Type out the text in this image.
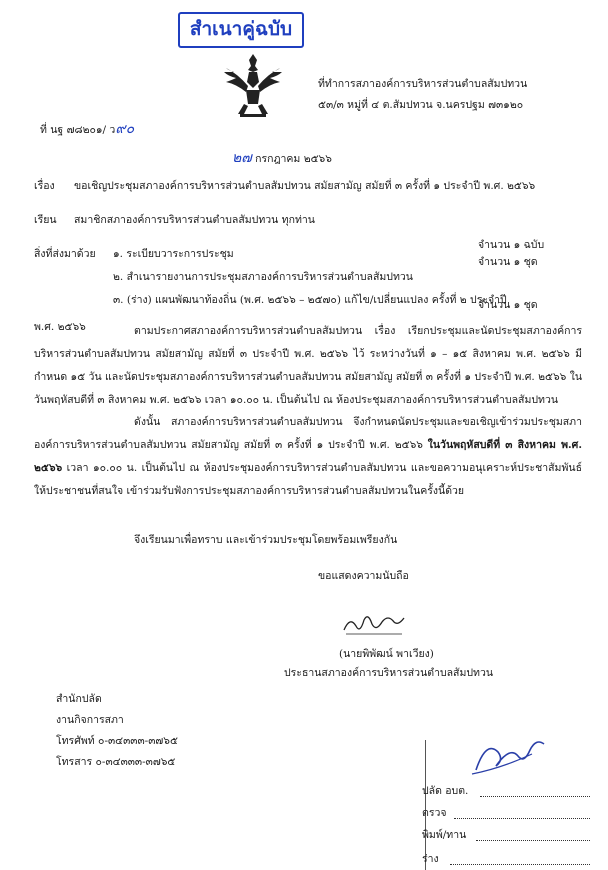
สำเนาคู่ฉบับ
ที่ นฐ ๗๘๒๐๑/ ว๙๐
ที่ทำการสภาองค์การบริหารส่วนตำบลสัมปทวน
๕๓/๓ หมู่ที่ ๔ ต.สัมปทวน จ.นครปฐม ๗๓๑๒๐
๒๗ กรกฎาคม ๒๕๖๖
เรื่อง ขอเชิญประชุมสภาองค์การบริหารส่วนตำบลสัมปทวน สมัยสามัญ สมัยที่ ๓ ครั้งที่ ๑ ประจำปี พ.ศ. ๒๕๖๖
เรียน สมาชิกสภาองค์การบริหารส่วนตำบลสัมปทวน ทุกท่าน
สิ่งที่ส่งมาด้วย
จำนวน ๑ ฉบับ
๑. ระเบียบวาระการประชุม
จำนวน ๑ ชุด
๒. สำเนารายงานการประชุมสภาองค์การบริหารส่วนตำบลสัมปทวน
๓. (ร่าง) แผนพัฒนาท้องถิ่น (พ.ศ. ๒๕๖๖ – ๒๕๗๐) แก้ไข/เปลี่ยนแปลง ครั้งที่ ๒ ประจำปี
พ.ศ. ๒๕๖๖
จำนวน ๑ ชุด
ตามประกาศสภาองค์การบริหารส่วนตำบลสัมปทวน เรื่อง เรียกประชุมและนัดประชุมสภาองค์การบริหารส่วนตำบลสัมปทวน สมัยสามัญ สมัยที่ ๓ ประจำปี พ.ศ. ๒๕๖๖ ไว้ ระหว่างวันที่ ๑ – ๑๕ สิงหาคม พ.ศ. ๒๕๖๖ มีกำหนด ๑๕ วัน และนัดประชุมสภาองค์การบริหารส่วนตำบลสัมปทวน สมัยสามัญ สมัยที่ ๓ ครั้งที่ ๑ ประจำปี พ.ศ. ๒๕๖๖ ในวันพฤหัสบดีที่ ๓ สิงหาคม พ.ศ. ๒๕๖๖ เวลา ๑๐.๐๐ น. เป็นต้นไป ณ ห้องประชุมสภาองค์การบริหารส่วนตำบลสัมปทวน
ดังนั้น สภาองค์การบริหารส่วนตำบลสัมปทวน จึงกำหนดนัดประชุมและขอเชิญเข้าร่วมประชุมสภาองค์การบริหารส่วนตำบลสัมปทวน สมัยสามัญ สมัยที่ ๓ ครั้งที่ ๑ ประจำปี พ.ศ. ๒๕๖๖ ในวันพฤหัสบดีที่ ๓ สิงหาคม พ.ศ. ๒๕๖๖ เวลา ๑๐.๐๐ น. เป็นต้นไป ณ ห้องประชุมองค์การบริหารส่วนตำบลสัมปทวน และขอความอนุเคราะห์ประชาสัมพันธ์ให้ประชาชนที่สนใจ เข้าร่วมรับฟังการประชุมสภาองค์การบริหารส่วนตำบลสัมปทวนในครั้งนี้ด้วย
จึงเรียนมาเพื่อทราบ และเข้าร่วมประชุมโดยพร้อมเพรียงกัน
ขอแสดงความนับถือ
(นายพิพัฒน์ พาเวียง)
ประธานสภาองค์การบริหารส่วนตำบลสัมปทวน
สำนักปลัด
งานกิจการสภา
โทรศัพท์ ๐-๓๔๓๓๓-๓๗๖๕
โทรสาร ๐-๓๔๓๓๓-๓๗๖๕
ปลัด อบต.
ตรวจ
พิมพ์/ทาน
ร่าง
